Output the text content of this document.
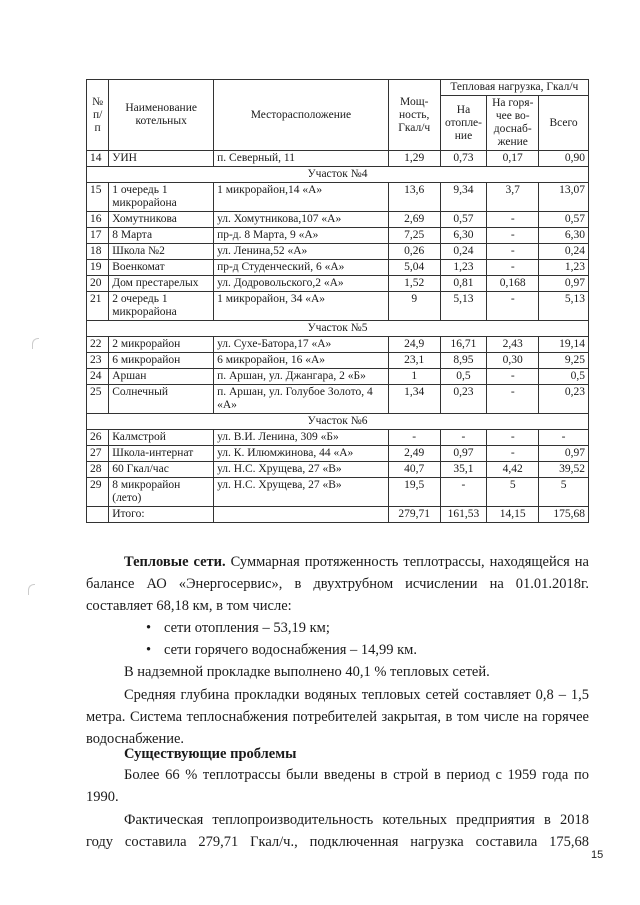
№ п/п	Наименование котельных	Месторасположение	Мощ-ность, Гкал/ч	Тепловая нагрузка, Гкал/ч		
				На отопле-ние	На горя-чее во-доснаб-жение	Всего
14	УИН	п. Северный, 11	1,29	0,73	0,17	0,90
Участок №4						
15	1 очередь 1 микрорайона	1 микрорайон,14 «А»	13,6	9,34	3,7	13,07
16	Хомутникова	ул. Хомутникова,107 «А»	2,69	0,57	-	0,57
17	8 Марта	пр-д. 8 Марта, 9 «А»	7,25	6,30	-	6,30
18	Школа №2	ул. Ленина,52 «А»	0,26	0,24	-	0,24
19	Военкомат	пр-д Студенческий, 6 «А»	5,04	1,23	-	1,23
20	Дом престарелых	ул. Додровольского,2 «А»	1,52	0,81	0,168	0,97
21	2 очередь 1 микрорайона	1 микрорайон, 34 «А»	9	5,13	-	5,13
Участок №5						
22	2 микрорайон	ул. Сухе-Батора,17 «А»	24,9	16,71	2,43	19,14
23	6 микрорайон	6 микрорайон, 16 «А»	23,1	8,95	0,30	9,25
24	Аршан	п. Аршан, ул. Джангара, 2 «Б»	1	0,5	-	0,5
25	Солнечный	п. Аршан, ул. Голубое Золото, 4 «А»	1,34	0,23	-	0,23
Участок №6						
26	Калмстрой	ул. В.И. Ленина, 309 «Б»	-	-	-	-
27	Школа-интернат	ул. К. Илюмжинова, 44 «А»	2,49	0,97	-	0,97
28	60 Гкал/час	ул. Н.С. Хрущева, 27 «В»	40,7	35,1	4,42	39,52
29	8 микрорайон (лето)	ул. Н.С. Хрущева, 27 «В»	19,5	-	5	5
	Итого:		279,71	161,53	14,15	175,68
Тепловые сети. Суммарная протяженность теплотрассы, находящейся на балансе АО «Энергосервис», в двухтрубном исчислении на 01.01.2018г. составляет 68,18 км, в том числе:
• сети отопления – 53,19 км;
• сети горячего водоснабжения – 14,99 км.
В надземной прокладке выполнено 40,1 % тепловых сетей.
Средняя глубина прокладки водяных тепловых сетей составляет 0,8 – 1,5 метра. Система теплоснабжения потребителей закрытая, в том числе на горячее водоснабжение.
Существующие проблемы
Более 66 % теплотрассы были введены в строй в период с 1959 года по 1990.
Фактическая теплопроизводительность котельных предприятия в 2018 году составила 279,71 Гкал/ч., подключенная нагрузка составила 175,68
15
